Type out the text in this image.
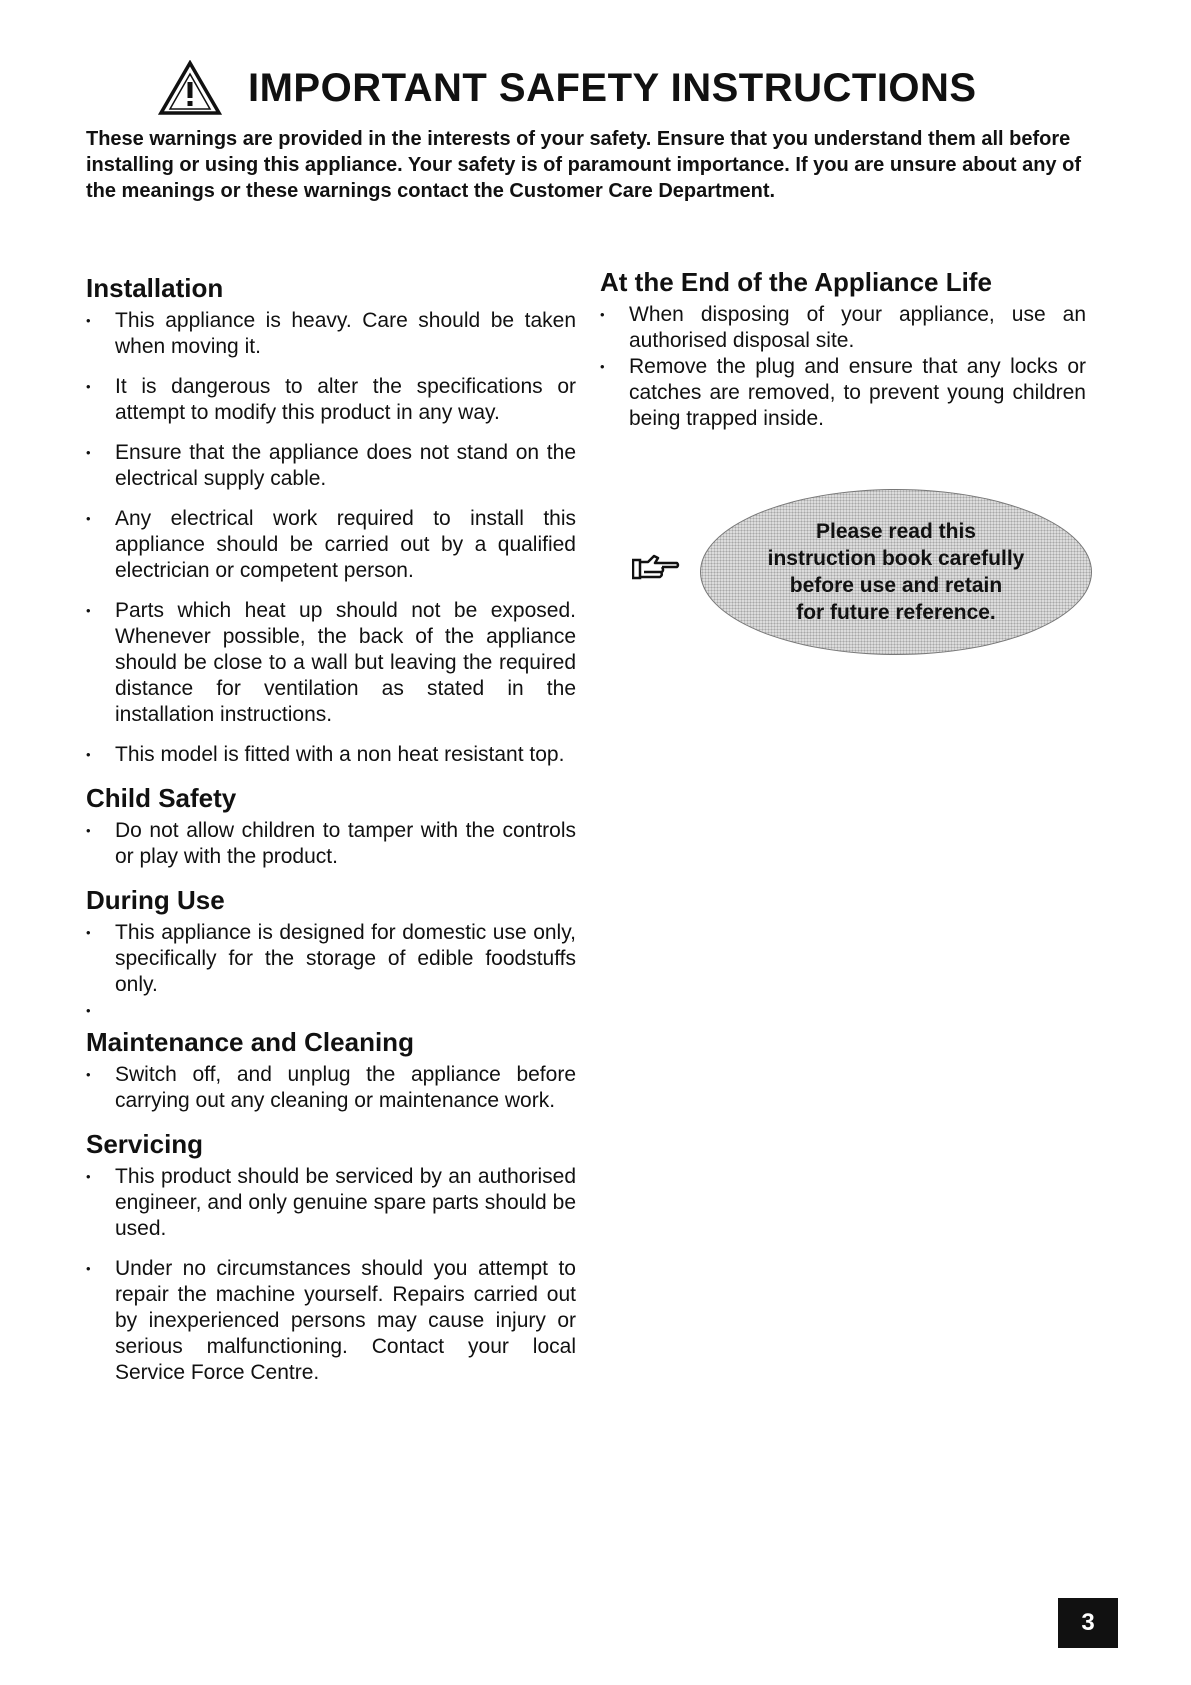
IMPORTANT SAFETY INSTRUCTIONS
These warnings are provided in the interests of your safety. Ensure that you understand them all before installing or using this appliance. Your safety is of paramount importance. If you are unsure about any of the meanings or these warnings contact the Customer Care Department.
Installation
• This appliance is heavy. Care should be taken when moving it.
• It is dangerous to alter the specifications or attempt to modify this product in any way.
• Ensure that the appliance does not stand on the electrical supply cable.
• Any electrical work required to install this appliance should be carried out by a qualified electrician or competent person.
• Parts which heat up should not be exposed. Whenever possible, the back of the appliance should be close to a wall but leaving the required distance for ventilation as stated in the installation instructions.
• This model is fitted with a non heat resistant top.
Child Safety
• Do not allow children to tamper with the controls or play with the product.
During Use
• This appliance is designed for domestic use only, specifically for the storage of edible foodstuffs only.
•
Maintenance and Cleaning
• Switch off, and unplug the appliance before carrying out any cleaning or maintenance work.
Servicing
• This product should be serviced by an authorised engineer, and only genuine spare parts should be used.
• Under no circumstances should you attempt to repair the machine yourself. Repairs carried out by inexperienced persons may cause injury or serious malfunctioning. Contact your local Service Force Centre.
At the End of the Appliance Life
• When disposing of your appliance, use an authorised disposal site.
• Remove the plug and ensure that any locks or catches are removed, to prevent young children being trapped inside.
Please read this
instruction book carefully
before use and retain
for future reference.
3
